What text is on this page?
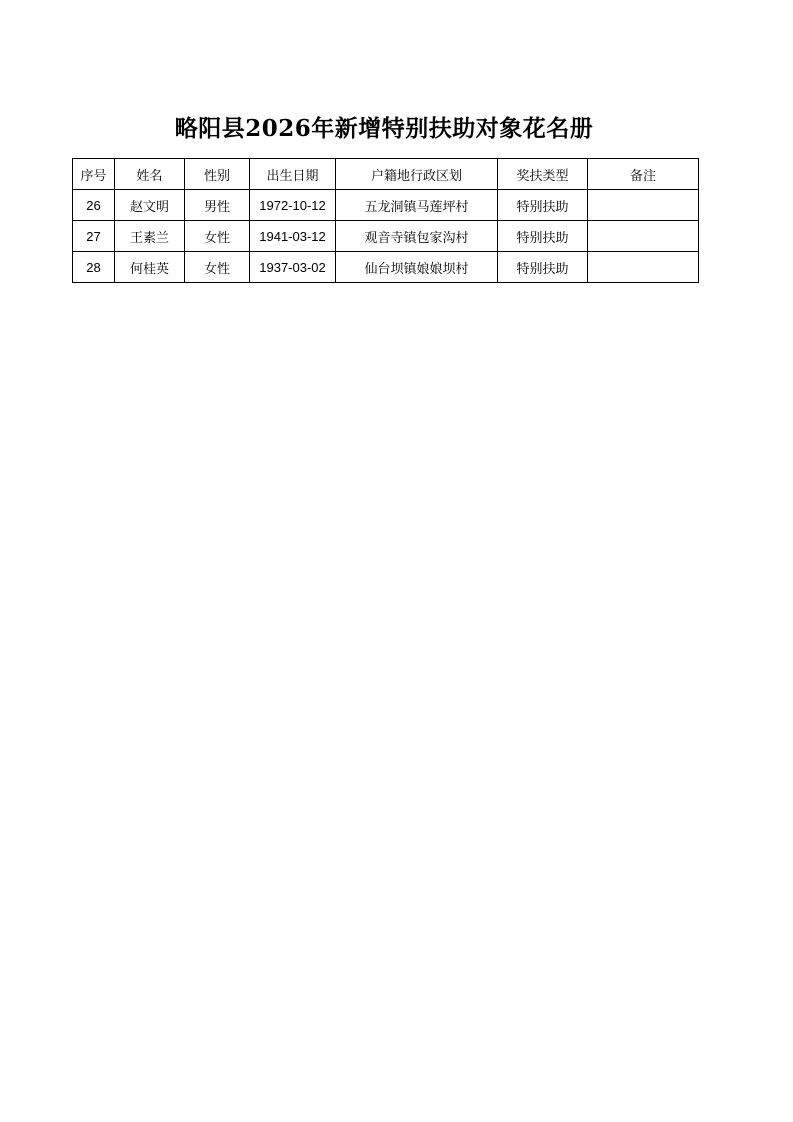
略阳县2026年新增特别扶助对象花名册
序号	姓名	性别	出生日期	户籍地行政区划	奖扶类型	备注
26	赵文明	男性	1972-10-12	五龙洞镇马莲坪村	特别扶助	
27	王素兰	女性	1941-03-12	观音寺镇包家沟村	特别扶助	
28	何桂英	女性	1937-03-02	仙台坝镇娘娘坝村	特别扶助	
